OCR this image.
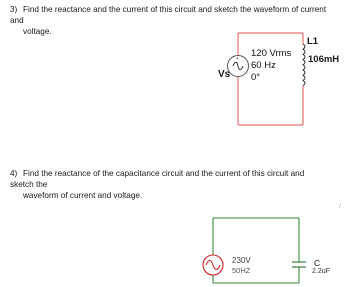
3) Find the reactance and the current of this circuit and sketch the waveform of current and
voltage.
+ 120 Vrms
60 Hz
0°
Vs
L1
106mH
4) Find the reactance of the capacitance circuit and the current of this circuit and sketch the
waveform of current and voltage.
230V
50HZ
C
2.2uF
/
